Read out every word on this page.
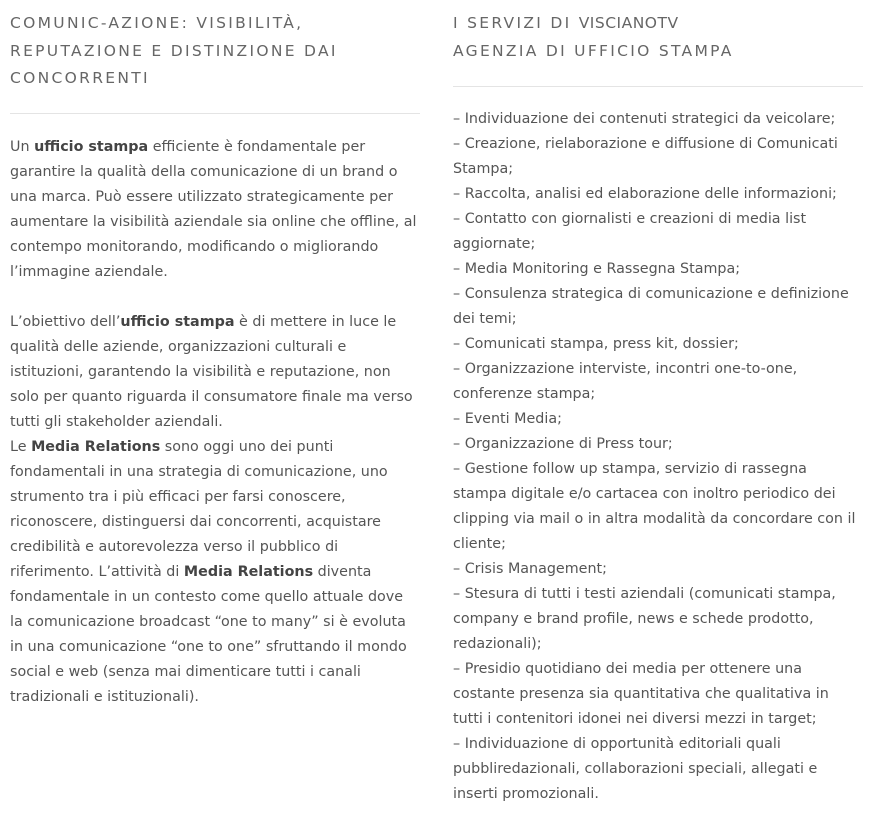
COMUNIC-AZIONE: VISIBILITÀ,
REPUTAZIONE E DISTINZIONE DAI
CONCORRENTI

Un ufficio stampa efficiente è fondamentale per garantire la qualità della comunicazione di un brand o una marca. Può essere utilizzato strategicamente per aumentare la visibilità aziendale sia online che offline, al contempo monitorando, modificando o migliorando l’immagine aziendale.

L’obiettivo dell’ufficio stampa è di mettere in luce le qualità delle aziende, organizzazioni culturali e istituzioni, garantendo la visibilità e reputazione, non solo per quanto riguarda il consumatore finale ma verso tutti gli stakeholder aziendali.

Le Media Relations sono oggi uno dei punti fondamentali in una strategia di comunicazione, uno strumento tra i più efficaci per farsi conoscere, riconoscere, distinguersi dai concorrenti, acquistare credibilità e autorevolezza verso il pubblico di riferimento. L’attività di Media Relations diventa fondamentale in un contesto come quello attuale dove la comunicazione broadcast “one to many” si è evoluta in una comunicazione “one to one” sfruttando il mondo social e web (senza mai dimenticare tutti i canali tradizionali e istituzionali).

I SERVIZI DI VISCIANOTV
AGENZIA DI UFFICIO STAMPA
– Individuazione dei contenuti strategici da veicolare;
– Creazione, rielaborazione e diffusione di Comunicati Stampa;
– Raccolta, analisi ed elaborazione delle informazioni;
– Contatto con giornalisti e creazioni di media list aggiornate;
– Media Monitoring e Rassegna Stampa;
– Consulenza strategica di comunicazione e definizione dei temi;
– Comunicati stampa, press kit, dossier;
– Organizzazione interviste, incontri one-to-one, conferenze stampa;
– Eventi Media;
– Organizzazione di Press tour;
– Gestione follow up stampa, servizio di rassegna stampa digitale e/o cartacea con inoltro periodico dei clipping via mail o in altra modalità da concordare con il cliente;
– Crisis Management;
– Stesura di tutti i testi aziendali (comunicati stampa, company e brand profile, news e schede prodotto, redazionali);
– Presidio quotidiano dei media per ottenere una costante presenza sia quantitativa che qualitativa in tutti i contenitori idonei nei diversi mezzi in target;
– Individuazione di opportunità editoriali quali pubbliredazionali, collaborazioni speciali, allegati e inserti promozionali.
